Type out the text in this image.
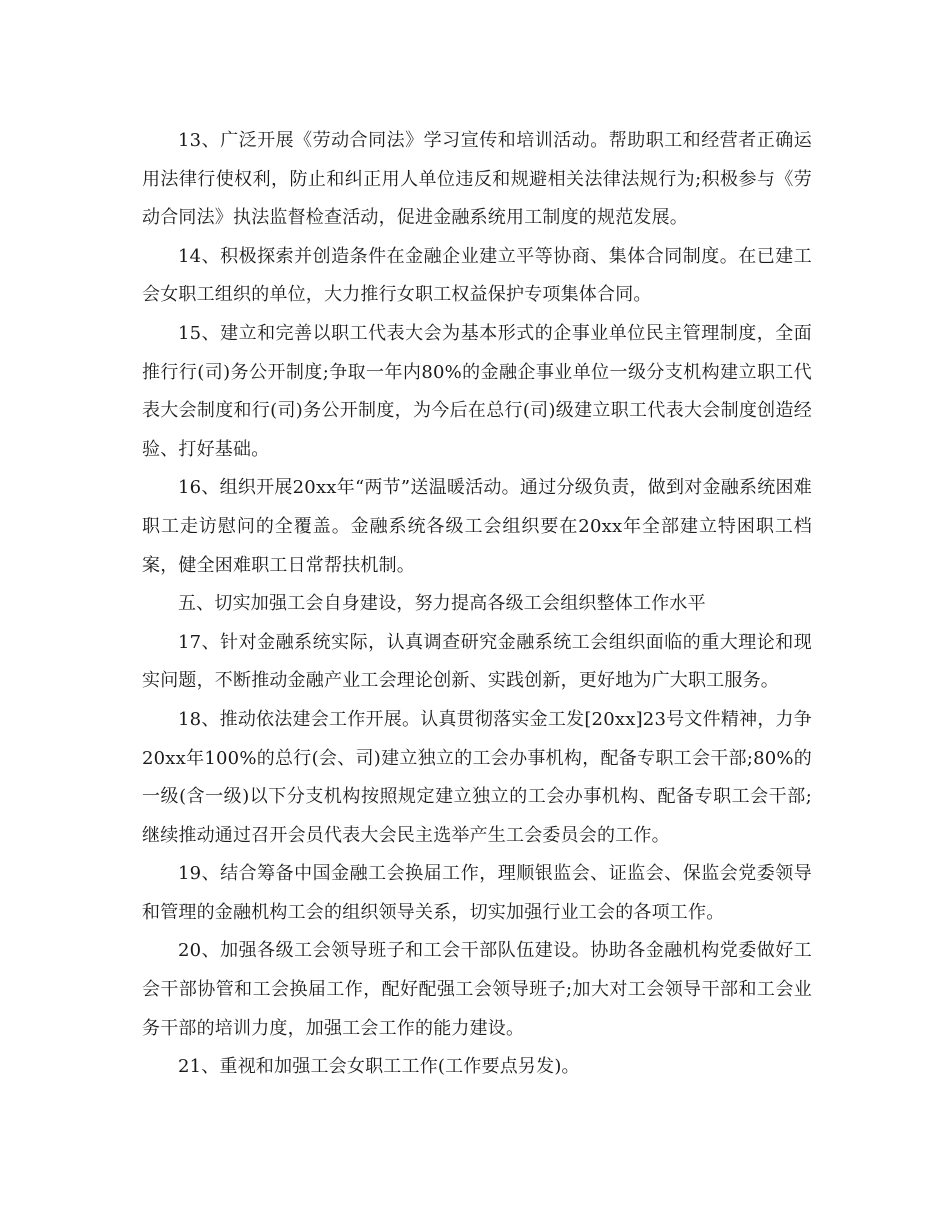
13、广泛开展《劳动合同法》学习宣传和培训活动。帮助职工和经营者正确运用法律行使权利，防止和纠正用人单位违反和规避相关法律法规行为;积极参与《劳动合同法》执法监督检查活动，促进金融系统用工制度的规范发展。

14、积极探索并创造条件在金融企业建立平等协商、集体合同制度。在已建工会女职工组织的单位，大力推行女职工权益保护专项集体合同。

15、建立和完善以职工代表大会为基本形式的企事业单位民主管理制度，全面推行行(司)务公开制度;争取一年内80%的金融企事业单位一级分支机构建立职工代表大会制度和行(司)务公开制度，为今后在总行(司)级建立职工代表大会制度创造经验、打好基础。

16、组织开展20xx年“两节”送温暖活动。通过分级负责，做到对金融系统困难职工走访慰问的全覆盖。金融系统各级工会组织要在20xx年全部建立特困职工档案，健全困难职工日常帮扶机制。

五、切实加强工会自身建设，努力提高各级工会组织整体工作水平

17、针对金融系统实际，认真调查研究金融系统工会组织面临的重大理论和现实问题，不断推动金融产业工会理论创新、实践创新，更好地为广大职工服务。

18、推动依法建会工作开展。认真贯彻落实金工发[20xx]23号文件精神，力争20xx年100%的总行(会、司)建立独立的工会办事机构，配备专职工会干部;80%的一级(含一级)以下分支机构按照规定建立独立的工会办事机构、配备专职工会干部;继续推动通过召开会员代表大会民主选举产生工会委员会的工作。

19、结合筹备中国金融工会换届工作，理顺银监会、证监会、保监会党委领导和管理的金融机构工会的组织领导关系，切实加强行业工会的各项工作。

20、加强各级工会领导班子和工会干部队伍建设。协助各金融机构党委做好工会干部协管和工会换届工作，配好配强工会领导班子;加大对工会领导干部和工会业务干部的培训力度，加强工会工作的能力建设。

21、重视和加强工会女职工工作(工作要点另发)。
